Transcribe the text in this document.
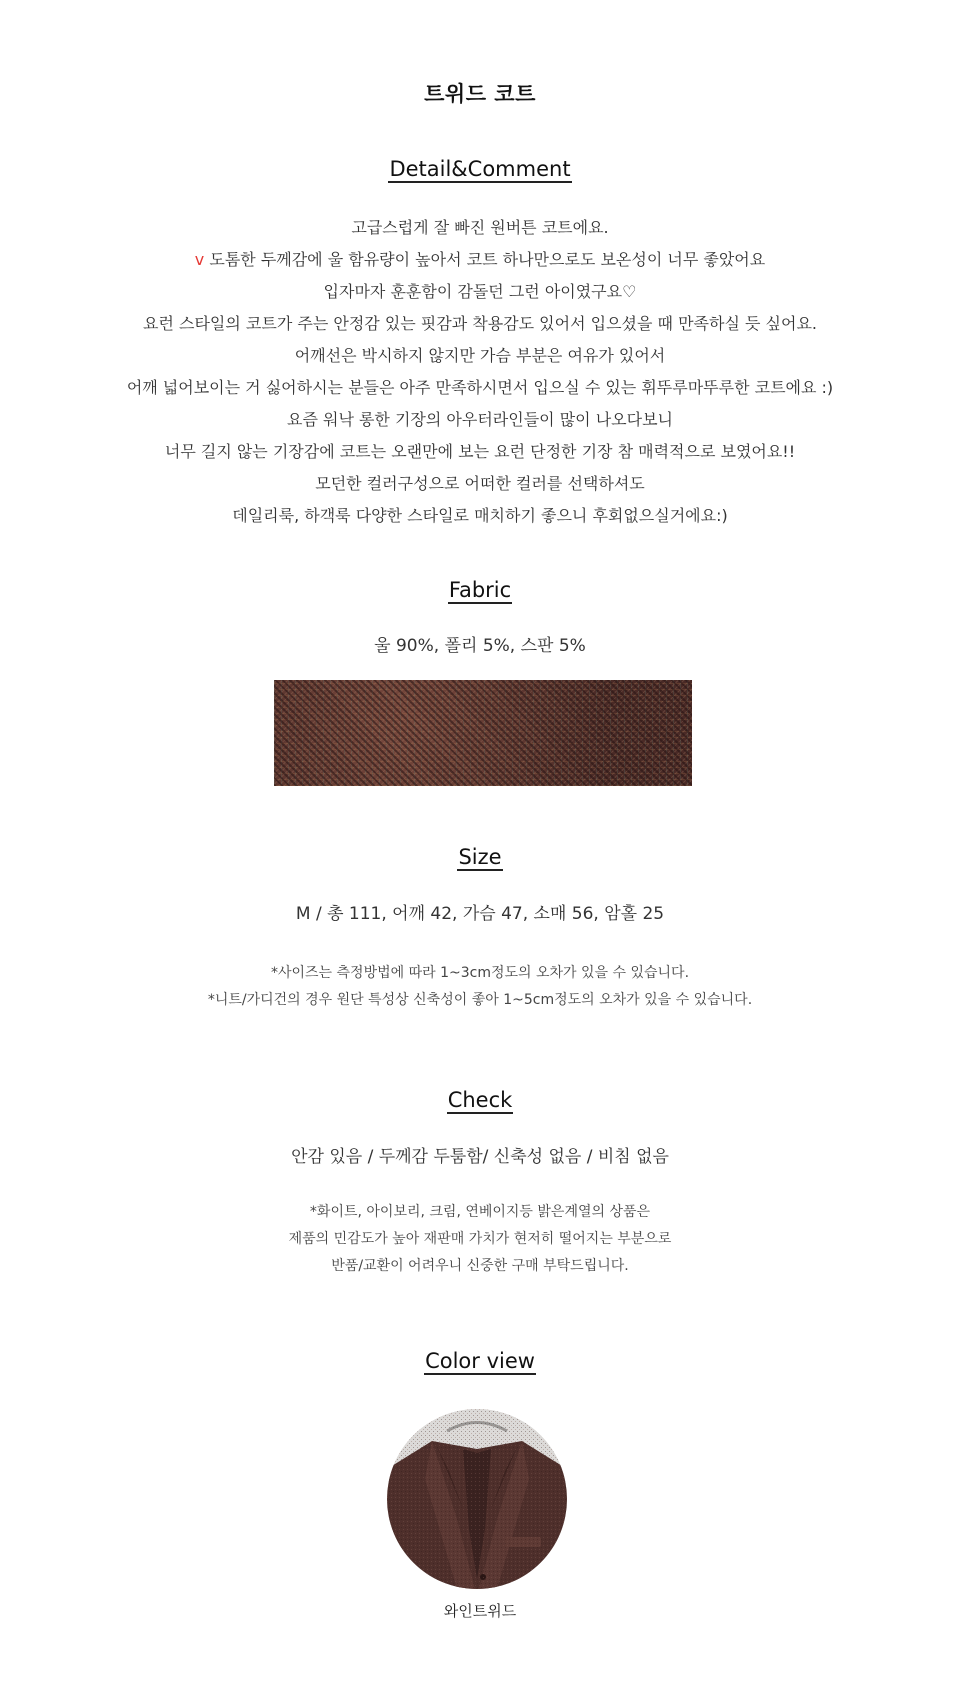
트위드 코트
Detail&Comment
고급스럽게 잘 빠진 원버튼 코트에요.
v 도톰한 두께감에 울 함유량이 높아서 코트 하나만으로도 보온성이 너무 좋았어요
입자마자 훈훈함이 감돌던 그런 아이였구요♡
요런 스타일의 코트가 주는 안정감 있는 핏감과 착용감도 있어서 입으셨을 때 만족하실 듯 싶어요.
어깨선은 박시하지 않지만 가슴 부분은 여유가 있어서
어깨 넓어보이는 거 싫어하시는 분들은 아주 만족하시면서 입으실 수 있는 휘뚜루마뚜루한 코트에요 :)
요즘 워낙 롱한 기장의 아우터라인들이 많이 나오다보니
너무 길지 않는 기장감에 코트는 오랜만에 보는 요런 단정한 기장 참 매력적으로 보였어요!!
모던한 컬러구성으로 어떠한 컬러를 선택하셔도
데일리룩, 하객룩 다양한 스타일로 매치하기 좋으니 후회없으실거에요:)
Fabric
울 90%, 폴리 5%, 스판 5%
Size
M / 총 111, 어깨 42, 가슴 47, 소매 56, 암홀 25
*사이즈는 측정방법에 따라 1~3cm정도의 오차가 있을 수 있습니다.
*니트/가디건의 경우 원단 특성상 신축성이 좋아 1~5cm정도의 오차가 있을 수 있습니다.
Check
안감 있음 / 두께감 두툼함/ 신축성 없음 / 비침 없음
*화이트, 아이보리, 크림, 연베이지등 밝은계열의 상품은
제품의 민감도가 높아 재판매 가치가 현저히 떨어지는 부분으로
반품/교환이 어려우니 신중한 구매 부탁드립니다.
Color view
와인트위드
